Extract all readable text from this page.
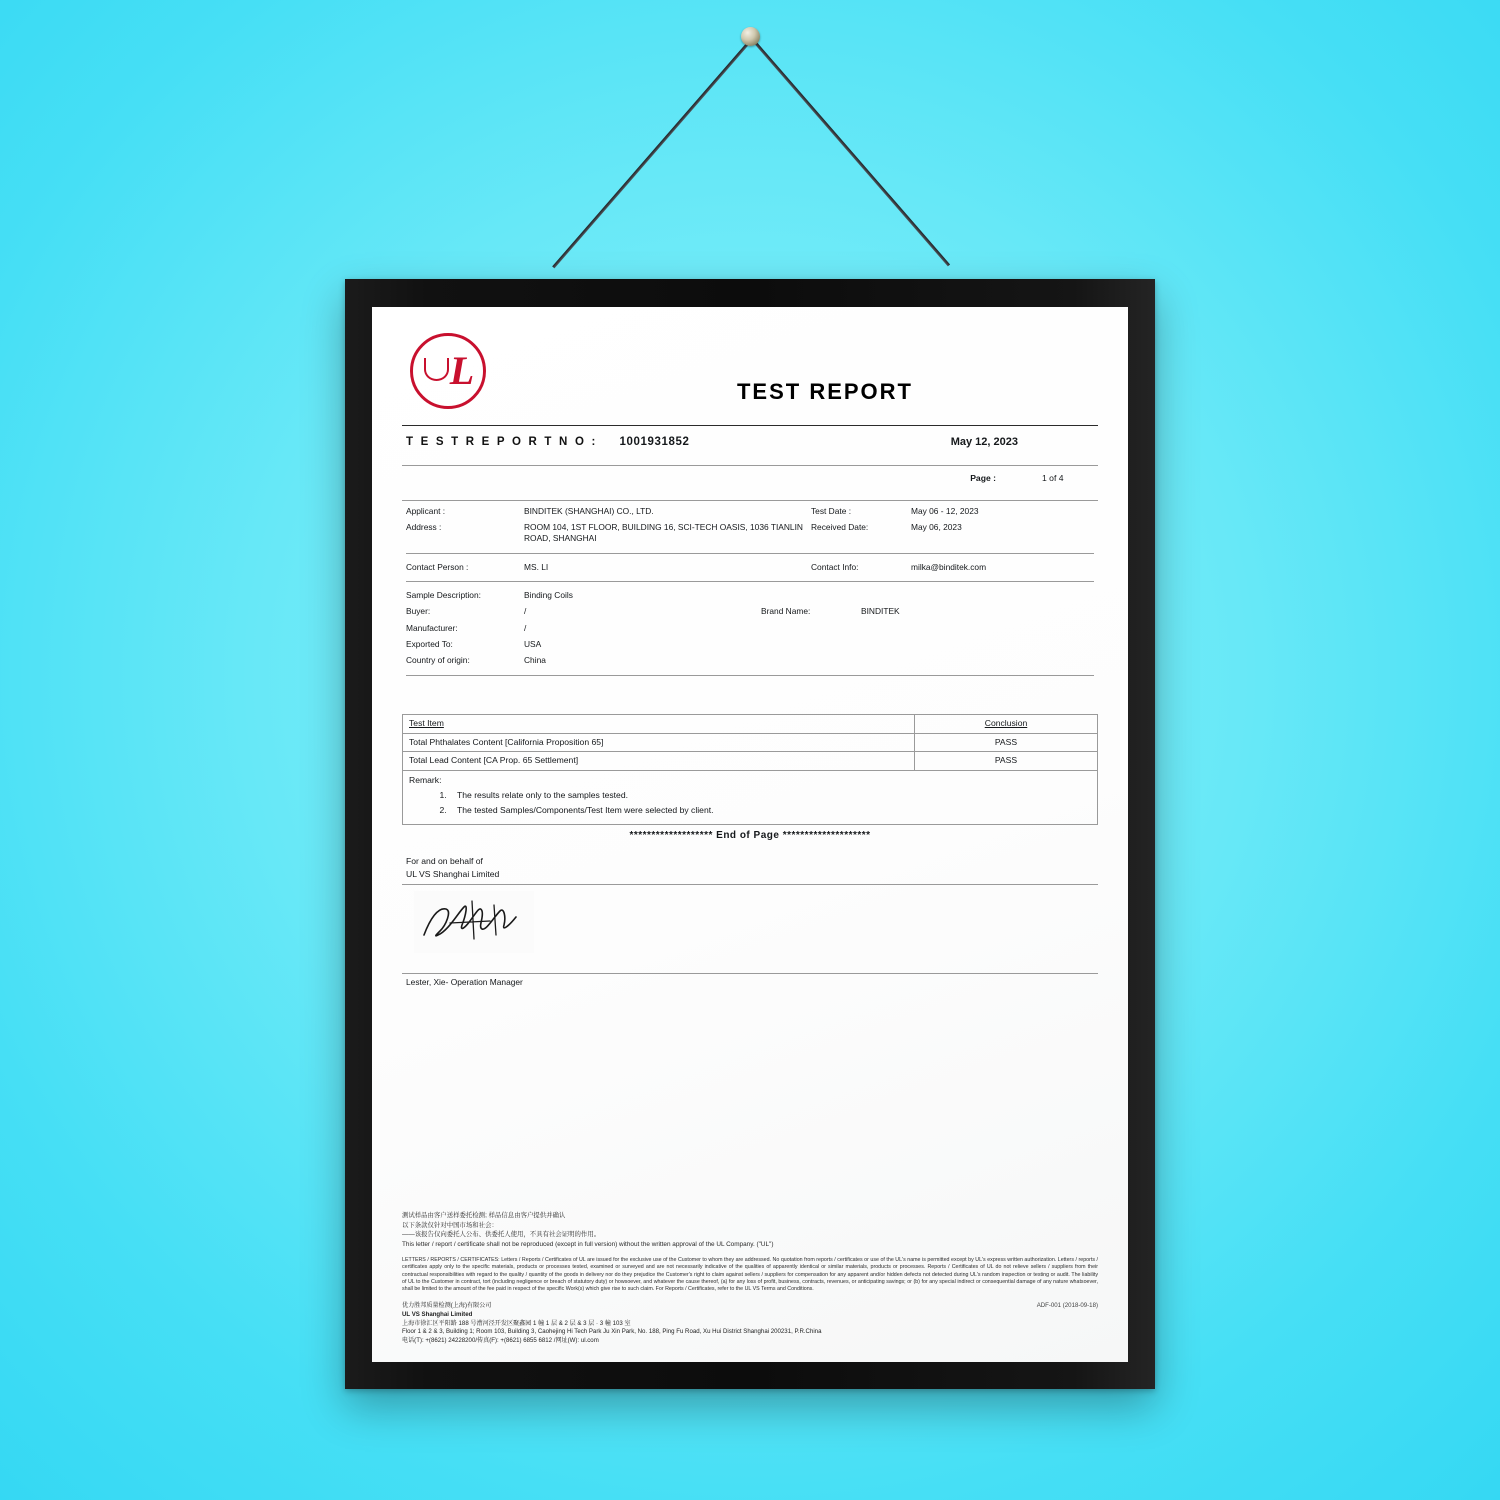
L	TEST REPORT
T E S T R E P O R T N O : 1001931852	May 12, 2023
Page :	1 of 4
Applicant :	BINDITEK (SHANGHAI) CO., LTD.	Test Date :	May 06 - 12, 2023
Address :	ROOM 104, 1ST FLOOR, BUILDING 16, SCI-TECH OASIS, 1036 TIANLIN ROAD, SHANGHAI
Received Date:	May 06, 2023
Contact Person :	MS. LI	Contact Info:	milka@binditek.com
Sample Description:	Binding Coils
Buyer:	/	Brand Name:	BINDITEK
Manufacturer:	/
Exported To:	USA
Country of origin:	China
Test Item	Conclusion
Total Phthalates Content [California Proposition 65]	PASS
Total Lead Content [CA Prop. 65 Settlement]	PASS
Remark:
1. The results relate only to the samples tested.
2. The tested Samples/Components/Test Item were selected by client.
******************* End of Page ********************
For and on behalf of
UL VS Shanghai Limited
Lester, Xie- Operation Manager
测试样品由客户送样委托检测; 样品信息由客户提供并确认
以下条款仅针对中国市场和社会：
——该报告仅向委托人公布、供委托人使用，不具有社会证明的作用。
This letter / report / certificate shall not be reproduced (except in full version) without the written approval of the UL Company. ("UL")
LETTERS / REPORTS / CERTIFICATES: Letters / Reports / Certificates of UL are issued for the exclusive use of the Customer to whom they are addressed. No quotation from reports / certificates or use of the UL's name is permitted except by UL's express written authorization. Letters / reports / certificates apply only to the specific materials, products or processes tested, examined or surveyed and are not necessarily indicative of the qualities of apparently identical or similar materials, products or processes. Reports / Certificates of UL do not relieve sellers / suppliers from their contractual responsibilities with regard to the quality / quantity of the goods in delivery nor do they prejudice the Customer's right to claim against sellers / suppliers for compensation for any apparent and/or hidden defects not detected during UL's random inspection or testing or audit. The liability of UL to the Customer in contract, tort (including negligence or breach of statutory duty) or howsoever, and whatever the cause thereof, (a) for any loss of profit, business, contracts, revenues, or anticipating savings; or (b) for any special indirect or consequential damage of any nature whatsoever, shall be limited to the amount of the fee paid in respect of the specific Work(s) which give rise to such claim. For Reports / Certificates, refer to the UL VS Terms and Conditions.
优力胜邦质量检测(上海)有限公司
UL VS Shanghai Limited
上海市徐汇区平阳路 188 号漕河泾开发区聚鑫园 1 幢 1 层 & 2 层 & 3 层 · 3 幢 103 室
Floor 1 & 2 & 3, Building 1; Room 103, Building 3, Caohejing Hi Tech Park Ju Xin Park, No. 188, Ping Fu Road, Xu Hui District Shanghai 200231, P.R.China
电话(T): +(8621) 24228200/传真(F): +(8621) 6855 6812 /网址(W): ul.com
ADF-001 (2018-09-18)
